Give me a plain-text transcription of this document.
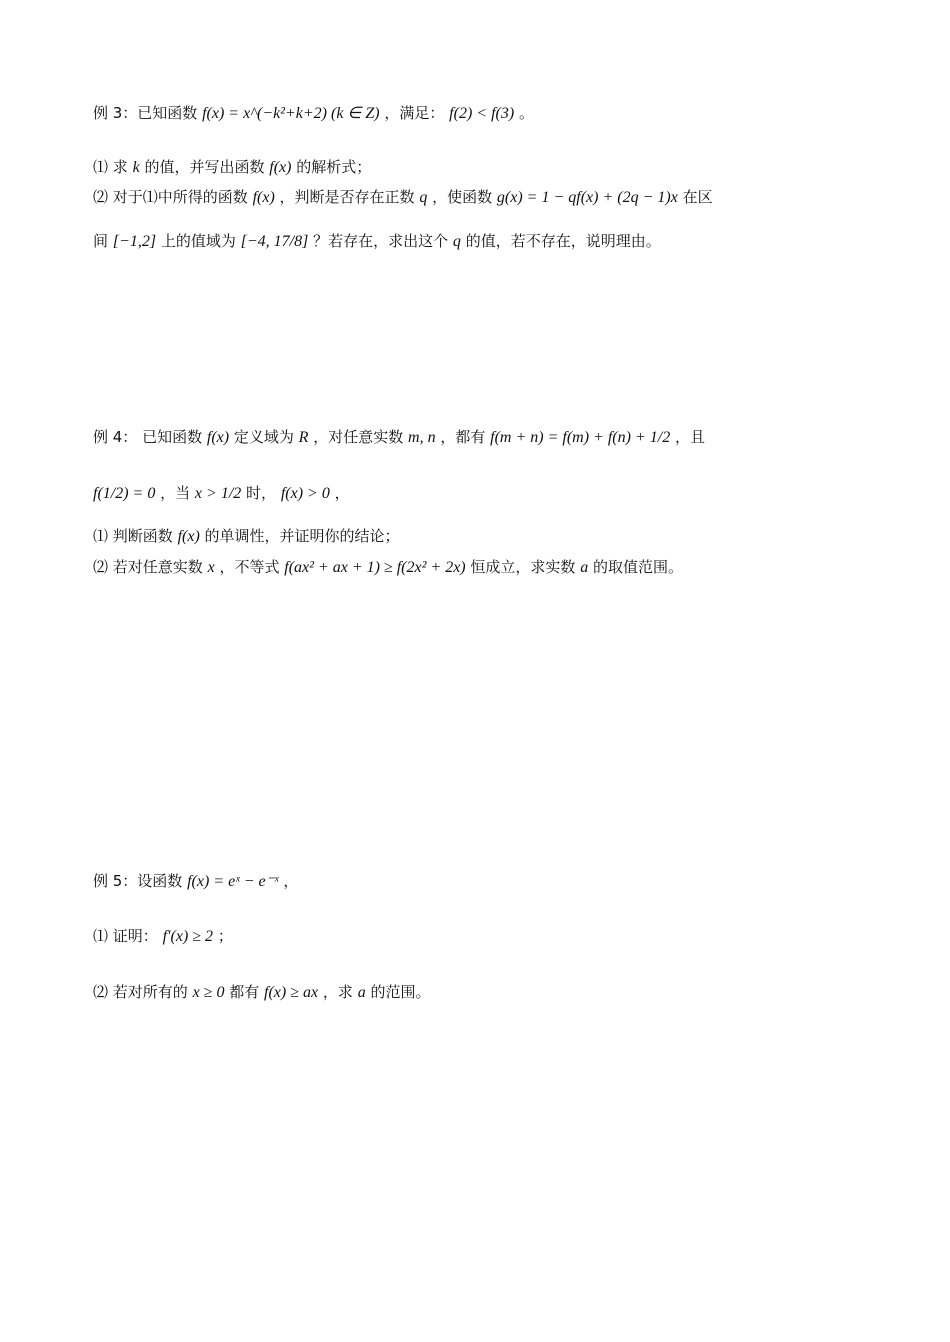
例 3：已知函数 f(x) = x^(−k²+k+2) (k ∈ Z) ，满足： f(2) < f(3) 。
⑴ 求 k 的值，并写出函数 f(x) 的解析式；
⑵ 对于⑴中所得的函数 f(x) ，判断是否存在正数 q ，使函数 g(x) = 1 − qf(x) + (2q − 1)x 在区
间 [−1,2] 上的值域为 [−4, 17/8] ？若存在，求出这个 q 的值，若不存在，说明理由。
例 4： 已知函数 f(x) 定义域为 R ，对任意实数 m, n ，都有 f(m + n) = f(m) + f(n) + 1/2 ，且
f(1/2) = 0 ，当 x > 1/2 时， f(x) > 0 ，
⑴ 判断函数 f(x) 的单调性，并证明你的结论；
⑵ 若对任意实数 x ，不等式 f(ax² + ax + 1) ≥ f(2x² + 2x) 恒成立，求实数 a 的取值范围。
例 5：设函数 f(x) = eˣ − e⁻ˣ ，
⑴ 证明： f′(x) ≥ 2 ；
⑵ 若对所有的 x ≥ 0 都有 f(x) ≥ ax ，求 a 的范围。
